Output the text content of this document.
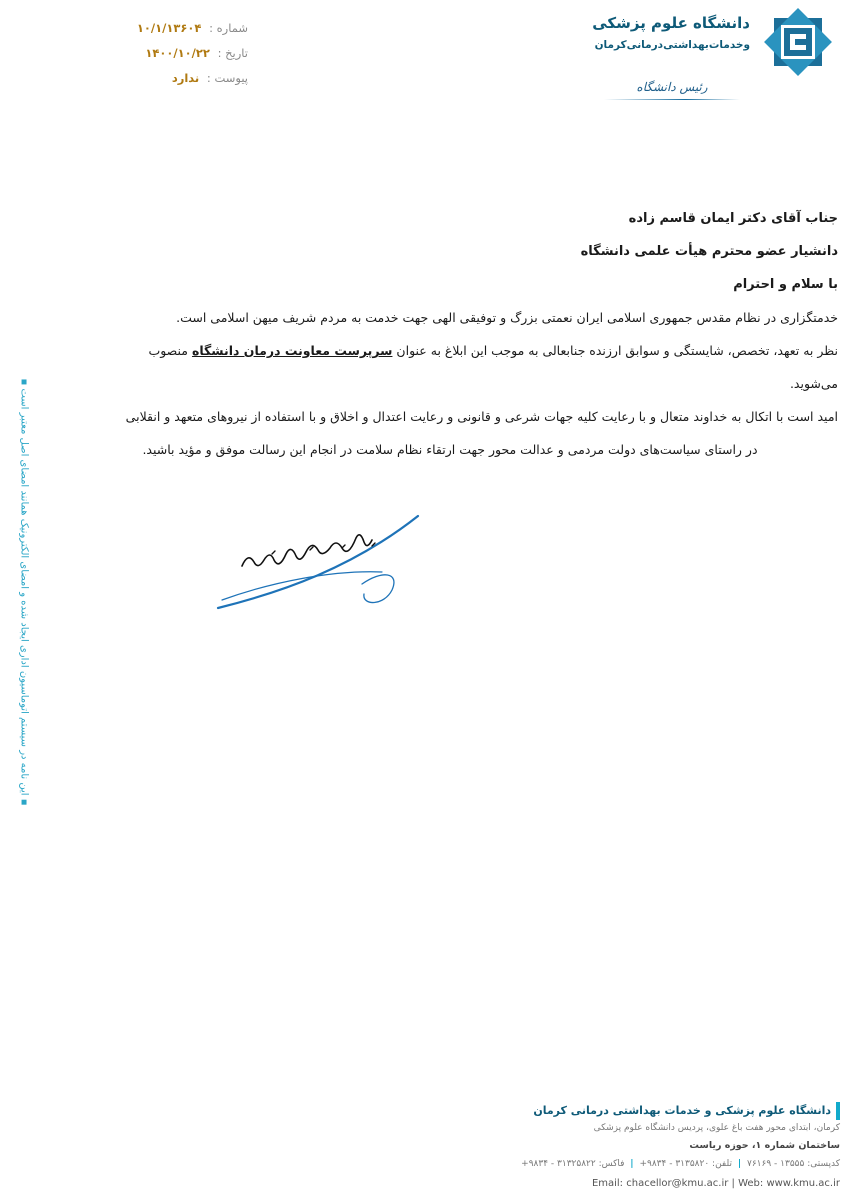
دانشگاه علوم پزشکی
وخدمات‌بهداشتی‌درمانی‌کرمان
رئیس دانشگاه
شماره : ۱۰/۱/۱۳۶۰۴
تاریخ : ۱۴۰۰/۱۰/۲۲
پیوست : ندارد
جناب آقای دکتر ایمان قاسم زاده
دانشیار عضو محترم هیأت علمی دانشگاه
با سلام و احترام
خدمتگزاری در نظام مقدس جمهوری اسلامی ایران نعمتی بزرگ و توفیقی الهی جهت خدمت به مردم شریف میهن اسلامی است.
نظر به تعهد، تخصص، شایستگی و سوابق ارزنده جنابعالی به موجب این ابلاغ به عنوان سرپرست معاونت درمان دانشگاه منصوب
می‌شوید.
امید است با اتکال به خداوند متعال و با رعایت کلیه جهات شرعی و قانونی و رعایت اعتدال و اخلاق و با استفاده از نیروهای متعهد و انقلابی
در راستای سیاست‌های دولت مردمی و عدالت محور جهت ارتقاء نظام سلامت در انجام این رسالت موفق و مؤید باشید.
▪ این نامه در سیستم اتوماسیون اداری ایجاد شده و امضای الکترونیک همانند امضای اصل معتبر است ▪
دانشگاه علوم پزشکی و خدمات بهداشتی درمانی کرمان
کرمان، ابتدای محور هفت باغ علوی، پردیس دانشگاه علوم پزشکی
ساختمان شماره ۱، حوزه ریاست
کدپستی: ۱۳۵۵۵ - ۷۶۱۶۹ | تلفن: ۳۱۳۵۸۲۰ - ۹۸۳۴+ | فاکس: ۳۱۳۲۵۸۲۲ - ۹۸۳۴+
Email: chacellor@kmu.ac.ir | Web: www.kmu.ac.ir
